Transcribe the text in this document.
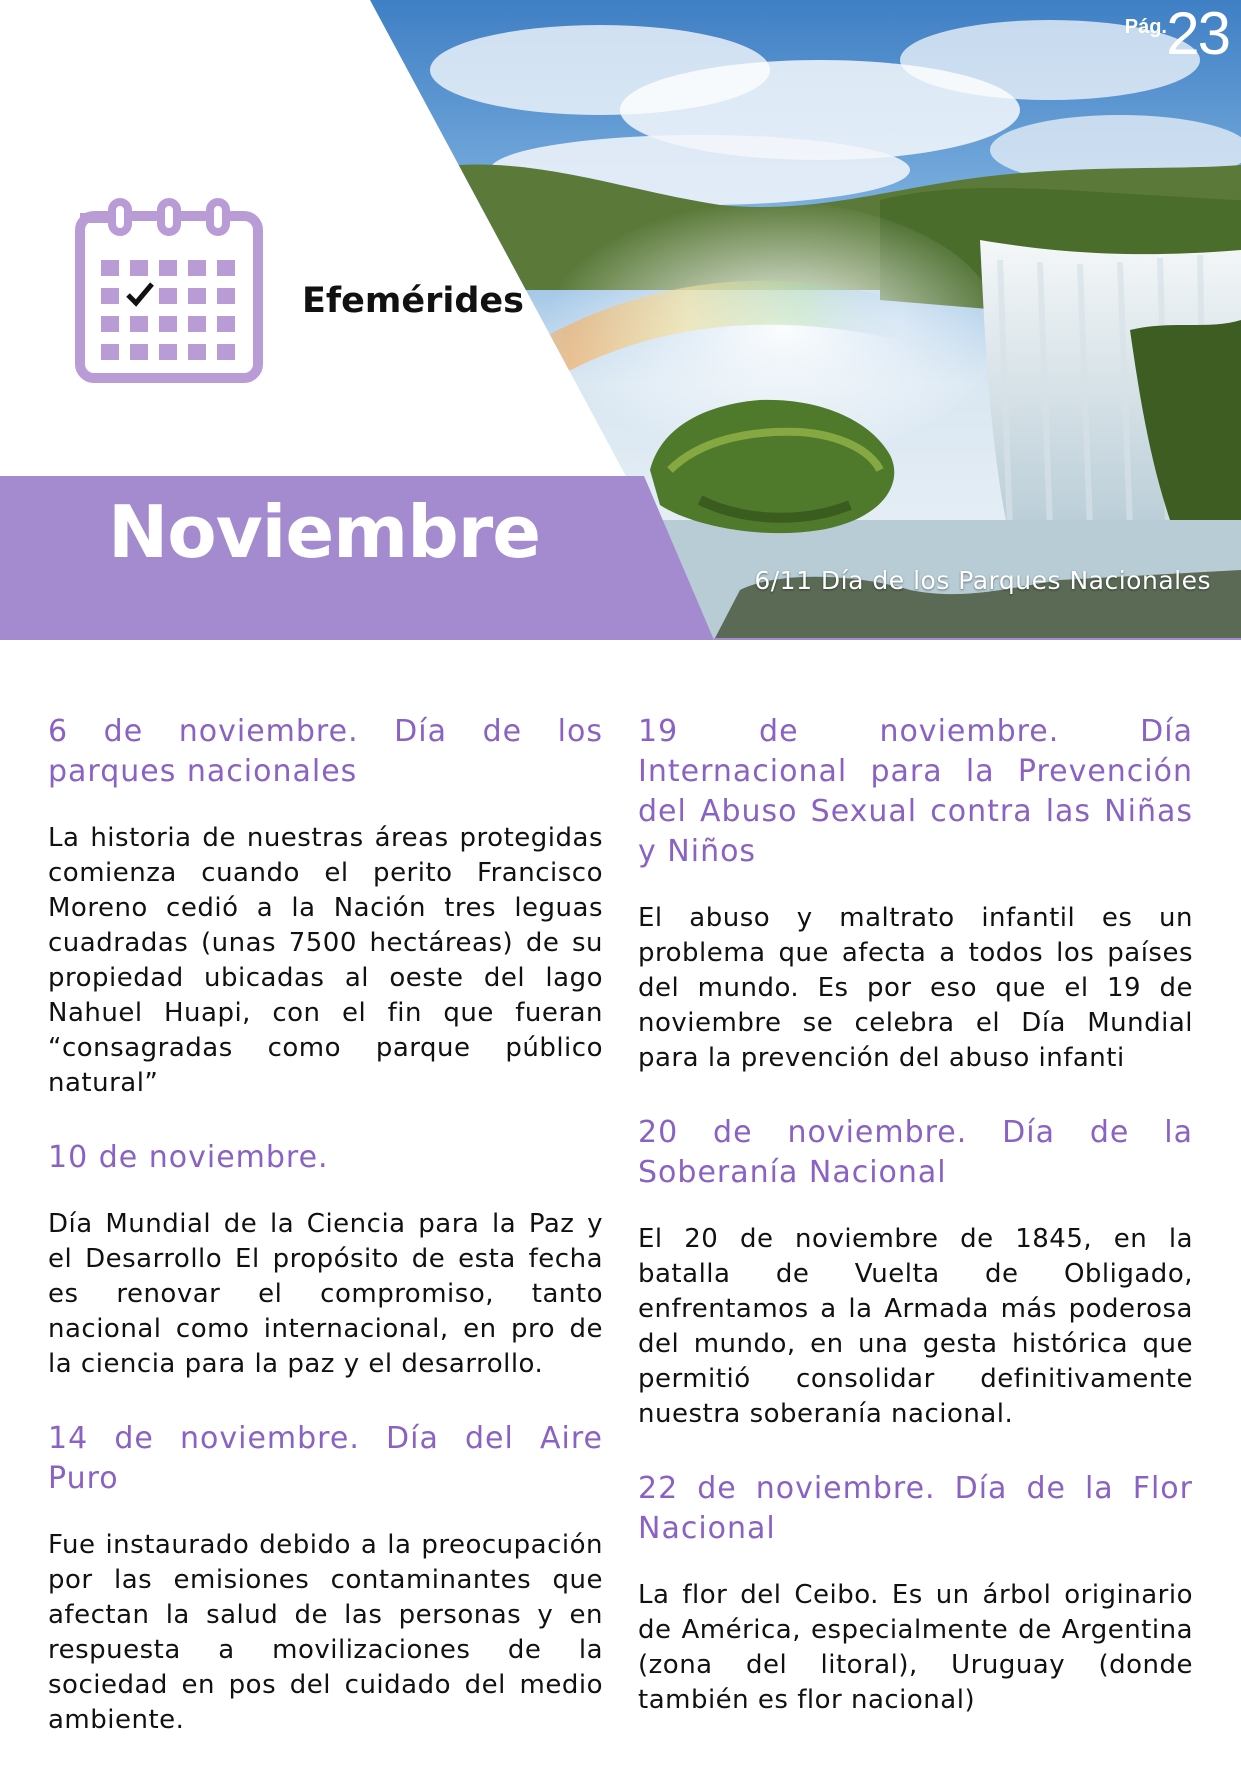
Pág. 23
Efemérides
Noviembre
6/11 Día de los Parques Nacionales

6 de noviembre. Día de los parques nacionales

La historia de nuestras áreas protegidas comienza cuando el perito Francisco Moreno cedió a la Nación tres leguas cuadradas (unas 7500 hectáreas) de su propiedad ubicadas al oeste del lago Nahuel Huapi, con el fin que fueran “consagradas como parque público natural”

10 de noviembre.

Día Mundial de la Ciencia para la Paz y el Desarrollo El propósito de esta fecha es renovar el compromiso, tanto nacional como internacional, en pro de la ciencia para la paz y el desarrollo.

14 de noviembre. Día del Aire Puro

Fue instaurado debido a la preocupación por las emisiones contaminantes que afectan la salud de las personas y en respuesta a movilizaciones de la sociedad en pos del cuidado del medio ambiente.

19 de noviembre. Día Internacional para la Prevención del Abuso Sexual contra las Niñas y Niños

El abuso y maltrato infantil es un problema que afecta a todos los países del mundo. Es por eso que el 19 de noviembre se celebra el Día Mundial para la prevención del abuso infanti

20 de noviembre. Día de la Soberanía Nacional

El 20 de noviembre de 1845, en la batalla de Vuelta de Obligado, enfrentamos a la Armada más poderosa del mundo, en una gesta histórica que permitió consolidar definitivamente nuestra soberanía nacional.

22 de noviembre. Día de la Flor Nacional

La flor del Ceibo. Es un árbol originario de América, especialmente de Argentina (zona del litoral), Uruguay (donde también es flor nacional)
